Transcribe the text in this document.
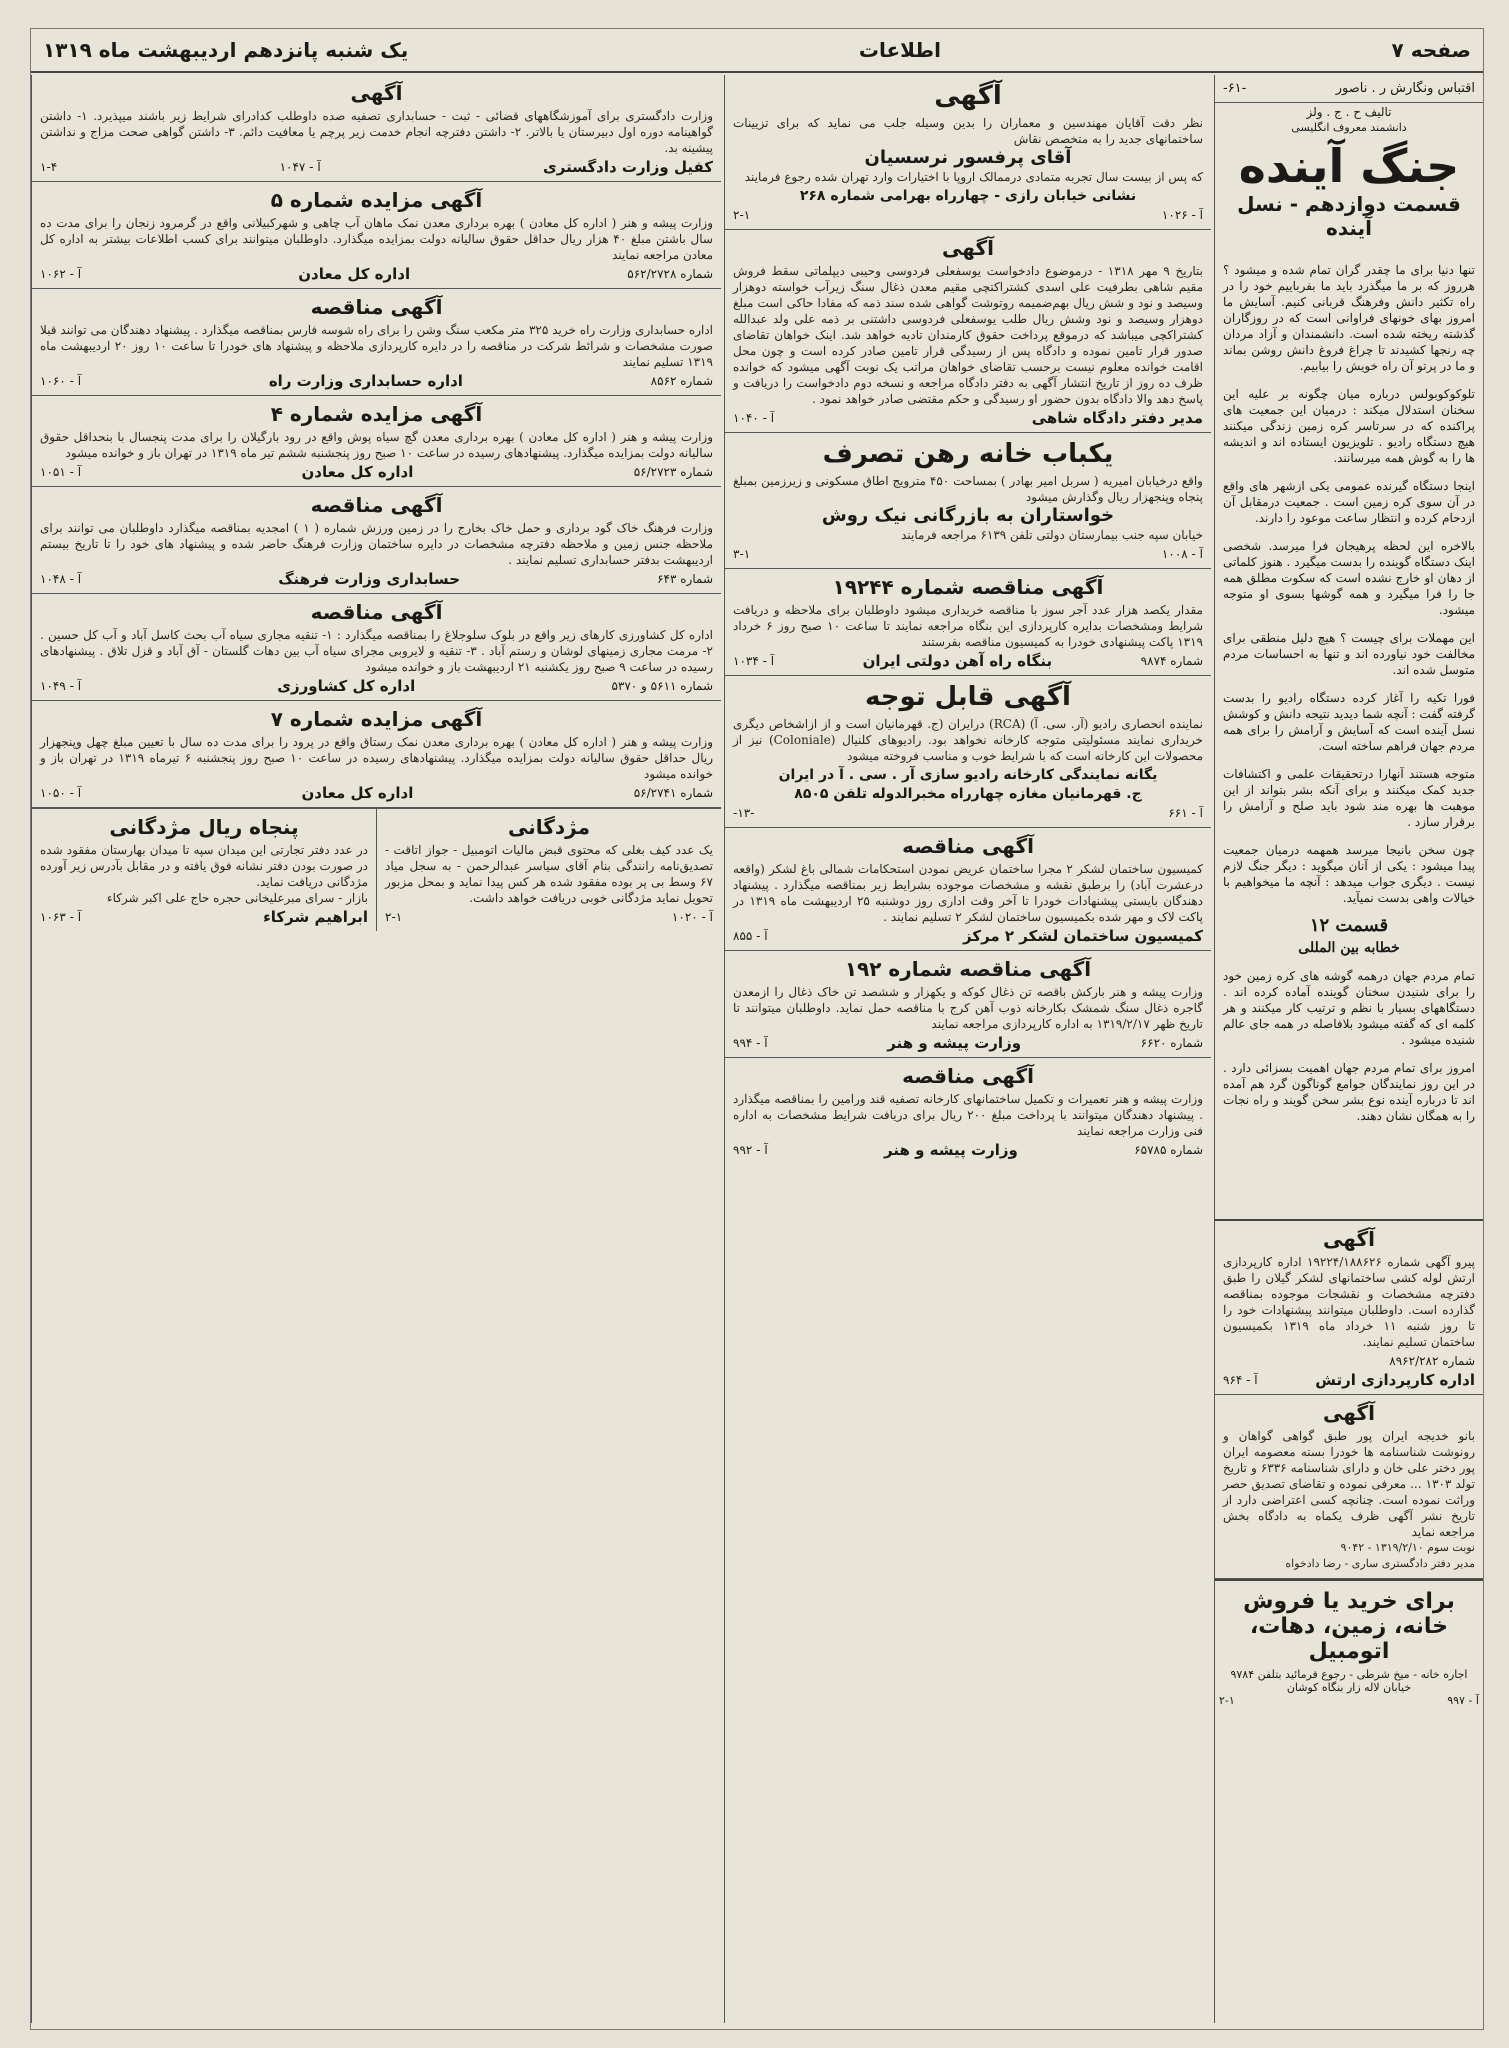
صفحه ۷
اطلاعات
یک شنبه پانزدهم اردیبهشت ماه ۱۳۱۹
اقتباس ونگارش ر . ناصور
-۶۱-
تالیف ح . ج . ولز
دانشمند معروف انگلیسی
جنگ آینده
قسمت دوازدهم - نسل آینده

تنها دنیا برای ما چقدر گران تمام شده و میشود ؟ هرروز که بر ما میگذرد باید ما بفرباییم خود را در راه تکثیر دانش وفرهنگ قربانی کنیم. آسایش ما امروز بهای خونهای فراوانی است که در روزگاران گذشته ریخته شده است. دانشمندان و آزاد مردان چه رنجها کشیدند تا چراغ فروغ دانش روشن بماند و ما در پرتو آن راه خویش را بیابیم.

تلوکوکوبولس درباره میان چگونه بر علیه این سخنان استدلال میکند : درمیان این جمعیت های پراکنده که در سرتاسر کره زمین زندگی میکنند هیچ دستگاه رادیو . تلویزیون ایستاده اند و اندیشه ها را به گوش همه میرسانند.

اینجا دستگاه گیرنده عمومی یکی ازشهر های واقع در آن سوی کره زمین است . جمعیت درمقابل آن ازدحام کرده و انتظار ساعت موعود را دارند.

بالاخره این لحظه پرهیجان فرا میرسد. شخصی اینک دستگاه گوینده را بدست میگیرد . هنوز کلماتی از دهان او خارج نشده است که سکوت مطلق همه جا را فرا میگیرد و همه گوشها بسوی او متوجه میشود.

این مهملات برای چیست ؟ هیچ دلیل منطقی برای مخالفت خود نیاورده اند و تنها به احساسات مردم متوسل شده اند.

فورا تکیه را آغاز کرده دستگاه رادیو را بدست گرفته گفت : آنچه شما دیدید نتیجه دانش و کوشش نسل آینده است که آسایش و آرامش را برای همه مردم جهان فراهم ساخته است.

متوجه هستند آنهارا درتحقیقات علمی و اکتشافات جدید کمک میکنند و برای آنکه بشر بتواند از این موهبت ها بهره مند شود باید صلح و آرامش را برقرار سازد .

چون سخن بانیجا میرسد همهمه درمیان جمعیت پیدا میشود : یکی از آنان میگوید : دیگر جنگ لازم نیست . دیگری جواب میدهد : آنچه ما میخواهیم با خیالات واهی بدست نمیآید.

قسمت ۱۲
خطابه بین المللی

تمام مردم جهان درهمه گوشه های کره زمین خود را برای شنیدن سخنان گوینده آماده کرده اند . دستگاههای بسیار با نظم و ترتیب کار میکنند و هر کلمه ای که گفته میشود بلافاصله در همه جای عالم شنیده میشود .

امروز برای تمام مردم جهان اهمیت بسزائی دارد . در این روز نمایندگان جوامع گوناگون گرد هم آمده اند تا درباره آینده نوع بشر سخن گویند و راه نجات را به همگان نشان دهند.

آگهی
نظر دقت آقایان مهندسین و معماران را بدین وسیله جلب می نماید که برای تزیینات ساختمانهای جدید را به متخصص نقاش
آقای پرفسور نرسسیان
که پس از بیست سال تجربه متمادی درممالک اروپا با اختیارات وارد تهران شده رجوع فرمایند
نشانی خیابان رازی - چهارراه بهرامی شماره ۲۶۸
آ - ۱۰۲۶
۲-۱
آگهی
بتاریخ ۹ مهر ۱۳۱۸ - درموضوع دادخواست یوسفعلی فردوسی وحیبی دیپلماتی سقط فروش مقیم شاهی بطرفیت علی اسدی کشتراکتچی مقیم معدن ذغال سنگ زیرآب خواسته دوهزار وسیصد و نود و شش ریال بهم‌ضمیمه روتوشت گواهی شده سند ذمه که مفادا حاکی است مبلغ دوهزار وسیصد و نود وشش ریال طلب یوسفعلی فردوسی داشتنی بر ذمه علی ولد عبدالله کشتراکچی میباشد که درموقع پرداخت حقوق کارمندان تادیه خواهد شد. اینک خواهان تقاضای صدور قرار تامین نموده و دادگاه پس از رسیدگی قرار تامین صادر کرده است و چون محل اقامت خوانده معلوم نیست برحسب تقاضای خواهان مراتب یک نوبت آگهی میشود که خوانده ظرف ده روز از تاریخ انتشار آگهی به دفتر دادگاه مراجعه و نسخه دوم دادخواست را دریافت و پاسخ دهد والا دادگاه بدون حضور او رسیدگی و حکم مقتضی صادر خواهد نمود .
مدیر دفتر دادگاه شاهی
آ - ۱۰۴۰
یکباب خانه رهن تصرف
واقع درخیابان امیریه ( سربل امیر بهادر ) بمساحت ۴۵۰ مترویج اطاق مسکونی و زیرزمین بمبلغ پنجاه وپنجهزار ریال وگذارش میشود
خواستاران به بازرگانی نیک روش
خیابان سپه جنب بیمارستان دولتی تلفن ۶۱۳۹ مراجعه فرمایند
آ - ۱۰۰۸
۳-۱
آگهی مناقصه شماره ۱۹۲۴۴
مقدار یکصد هزار عدد آجر سوز با مناقصه خریداری میشود داوطلبان برای ملاحظه و دریافت شرایط ومشخصات بدایره کارپردازی این بنگاه مراجعه نمایند تا ساعت ۱۰ صبح روز ۶ خرداد ۱۳۱۹ پاکت پیشنهادی خودرا به کمیسیون مناقصه بفرستند
شماره ۹۸۷۴
بنگاه راه آهن دولتی ایران
آ - ۱۰۳۴
آگهی قابل توجه
نماینده انحصاری رادیو (آر. سی. آ) (RCA) درایران (ج. قهرمانیان است و از ازاشخاص دیگری خریداری نمایند مسئولیتی متوجه کارخانه نخواهد بود. رادیوهای کلنیال (Coloniale) نیز از محصولات این کارخانه است که با شرایط خوب و مناسب فروخته میشود
یگانه نمایندگی کارخانه رادیو سازی آر . سی . آ در ایران
ج. قهرمانیان مغازه چهارراه مخبرالدوله تلفن ۸۵۰۵
آ - ۶۶۱
-۱۳-
آگهی مناقصه
کمیسیون ساختمان لشکر ۲ مجرا ساختمان عریض نمودن استحکامات شمالی باغ لشکر (واقعه درعشرت آباد) را برطبق نقشه و مشخصات موجوده بشرایط زیر بمناقصه میگذارد . پیشنهاد دهندگان بایستی پیشنهادات خودرا تا آخر وقت اداری روز دوشنبه ۲۵ اردیبهشت ماه ۱۳۱۹ در پاکت لاک و مهر شده بکمیسیون ساختمان لشکر ۲ تسلیم نمایند .
کمیسیون ساختمان لشکر ۲ مرکز
آ - ۸۵۵
آگهی مناقصه شماره ۱۹۲
وزارت پیشه و هنر بارکش باقصه تن ذغال کوکه و یکهزار و ششصد تن خاک ذغال را ازمعدن گاجره ذغال سنگ شمشک بکارخانه ذوب آهن کرج با مناقصه حمل نماید. داوطلبان میتوانند تا تاریخ ظهر ۱۳۱۹/۲/۱۷ به اداره کارپردازی مراجعه نمایند
شماره ۶۶۲۰
وزارت پیشه و هنر
آ - ۹۹۴
آگهی مناقصه
وزارت پیشه و هنر تعمیرات و تکمیل ساختمانهای کارخانه تصفیه قند ورامین را بمناقصه میگذارد . پیشنهاد دهندگان میتوانند با پرداخت مبلغ ۲۰۰ ریال برای دریافت شرایط مشخصات به اداره فنی وزارت مراجعه نمایند
شماره ۶۵۷۸۵
وزارت پیشه و هنر
آ - ۹۹۲
آگهی
وزارت دادگستری برای آموزشگاههای قضائی - ثبت - حسابداری تصفیه صده داوطلب کدادرای شرایط زیر باشند میپذیرد. ۱- داشتن گواهینامه دوره اول دبیرستان یا بالاتر. ۲- داشتن دفترچه انجام خدمت زیر پرچم یا معافیت دائم. ۳- داشتن گواهی صحت مزاج و نداشتن پیشینه بد.
کفیل وزارت دادگستری
آ - ۱۰۴۷
۱-۴
آگهی مزایده شماره ۵
وزارت پیشه و هنر ( اداره کل معادن ) بهره برداری معدن نمک ماهان آب چاهی و شهرکبیلانی واقع در گرمرود زنجان را برای مدت ده سال باشتن مبلغ ۴۰ هزار ریال حداقل حقوق سالیانه دولت بمزایده میگذارد. داوطلبان میتوانند برای کسب اطلاعات بیشتر به اداره کل معادن مراجعه نمایند
شماره ۵۶۲/۲۷۲۸
اداره کل معادن
آ - ۱۰۶۲
آگهی مناقصه
اداره حسابداری وزارت راه خرید ۳۲۵ متر مکعب سنگ وشن را برای راه شوسه فارس بمناقصه میگذارد . پیشنهاد دهندگان می توانند قبلا صورت مشخصات و شرائط شرکت در مناقصه را در دایره کارپردازی ملاحظه و پیشنهاد های خودرا تا ساعت ۱۰ روز ۲۰ اردیبهشت ماه ۱۳۱۹ تسلیم نمایند
شماره ۸۵۶۲
اداره حسابداری وزارت راه
آ - ۱۰۶۰
آگهی مزایده شماره ۴
وزارت پیشه و هنر ( اداره کل معادن ) بهره برداری معدن گچ سیاه پوش واقع در رود بارگیلان را برای مدت پنجسال با بنحداقل حقوق سالیانه دولت بمزایده میگذارد. پیشنهادهای رسیده در ساعت ۱۰ صبح روز پنجشنبه ششم تیر ماه ۱۳۱۹ در تهران باز و خوانده میشود
شماره ۵۶/۲۷۲۳
اداره کل معادن
آ - ۱۰۵۱
آگهی مناقصه
وزارت فرهنگ خاک گود برداری و حمل خاک بخارج را در زمین ورزش شماره ( ۱ ) امجدیه بمناقصه میگذارد داوطلبان می توانند برای ملاحظه جنس زمین و ملاحظه دفترچه مشخصات در دایره ساختمان وزارت فرهنگ حاضر شده و پیشنهاد های خود را تا تاریخ بیستم اردیبهشت بدفتر حسابداری تسلیم نمایند .
شماره ۶۴۳
حسابداری وزارت فرهنگ
آ - ۱۰۴۸
آگهی مناقصه
اداره کل کشاورزی کارهای زیر واقع در بلوک سلوجلاغ را بمناقصه میگذارد : ۱- تنقیه مجاری سیاه آب بحث کاسل آباد و آب کل حسین . ۲- مرمت مجاری زمینهای لوشان و رستم آباد . ۳- تنقیه و لایروبی مجرای سیاه آب بین دهات گلستان - آق آباد و قزل تلاق . پیشنهادهای رسیده در ساعت ۹ صبح روز یکشنبه ۲۱ اردیبهشت باز و خوانده میشود
شماره ۵۶۱۱ و ۵۳۷۰
اداره کل کشاورزی
آ - ۱۰۴۹
آگهی مزایده شماره ۷
وزارت پیشه و هنر ( اداره کل معادن ) بهره برداری معدن نمک رستاق واقع در پرود را برای مدت ده سال با تعیین مبلغ چهل وپنجهزار ریال حداقل حقوق سالیانه دولت بمزایده میگذارد. پیشنهادهای رسیده در ساعت ۱۰ صبح روز پنجشنبه ۶ تیرماه ۱۳۱۹ در تهران باز و خوانده میشود
شماره ۵۶/۲۷۴۱
اداره کل معادن
آ - ۱۰۵۰
مژدگانی
یک عدد کیف بغلی که محتوی قبض مالیات اتومبیل - جواز اتاقت - تصدیق‌نامه رانندگی بنام آقای سیاسر عبدالرحمن - به سجل میاد ۶۷ وسط بی پر بوده مفقود شده هر کس پیدا نماید و بمحل مزبور تحویل نماید مژدگانی خوبی دریافت خواهد داشت.
آ - ۱۰۲۰
۲-۱
پنجاه ریال مژدگانی
در عدد دفتر تجارتی این میدان سپه تا میدان بهارستان مفقود شده در صورت بودن دفتر نشانه فوق یافته و در مقابل بآدرس زیر آورده مژدگانی دریافت نماید.
بازار - سرای مبرعلیخانی حجره حاج علی اکبر شرکاء
ابراهیم شرکاء
آ - ۱۰۶۳
آگهی
پیرو آگهی شماره ۱۹۲۲۴/۱۸۸۶۲۶ اداره کارپردازی ارتش لوله کشی ساختمانهای لشکر گیلان را طبق دفترچه مشخصات و نقشجات موجوده بمناقصه گذارده است. داوطلبان میتوانند پیشنهادات خود را تا روز شنبه ۱۱ خرداد ماه ۱۳۱۹ بکمیسیون ساختمان تسلیم نمایند.
شماره ۸۹۶۲/۲۸۲
اداره کارپردازی ارتش
آ - ۹۶۴
آگهی
بانو خدیجه ایران پور طبق گواهی گواهان و رونوشت شناسنامه ها خودرا بسته معصومه ایران پور دختر علی خان و دارای شناسنامه ۶۳۳۶ و تاریخ تولد ۱۳۰۳ ... معرفی نموده و تقاضای تصدیق حصر وراثت نموده است. چنانچه کسی اعتراضی دارد از تاریخ نشر آگهی ظرف یکماه به دادگاه بخش مراجعه نماید
نوبت سوم ۱۳۱۹/۲/۱۰ - ۹۰۴۲
مدیر دفتر دادگستری ساری - رضا دادخواه
برای خرید یا فروش خانه، زمین، دهات، اتومبیل
اجاره خانه - میخ شرطی - رجوع فرمائید بتلفن ۹۷۸۴ خیابان لاله زار بنگاه کوشان
آ - ۹۹۷
۲-۱
